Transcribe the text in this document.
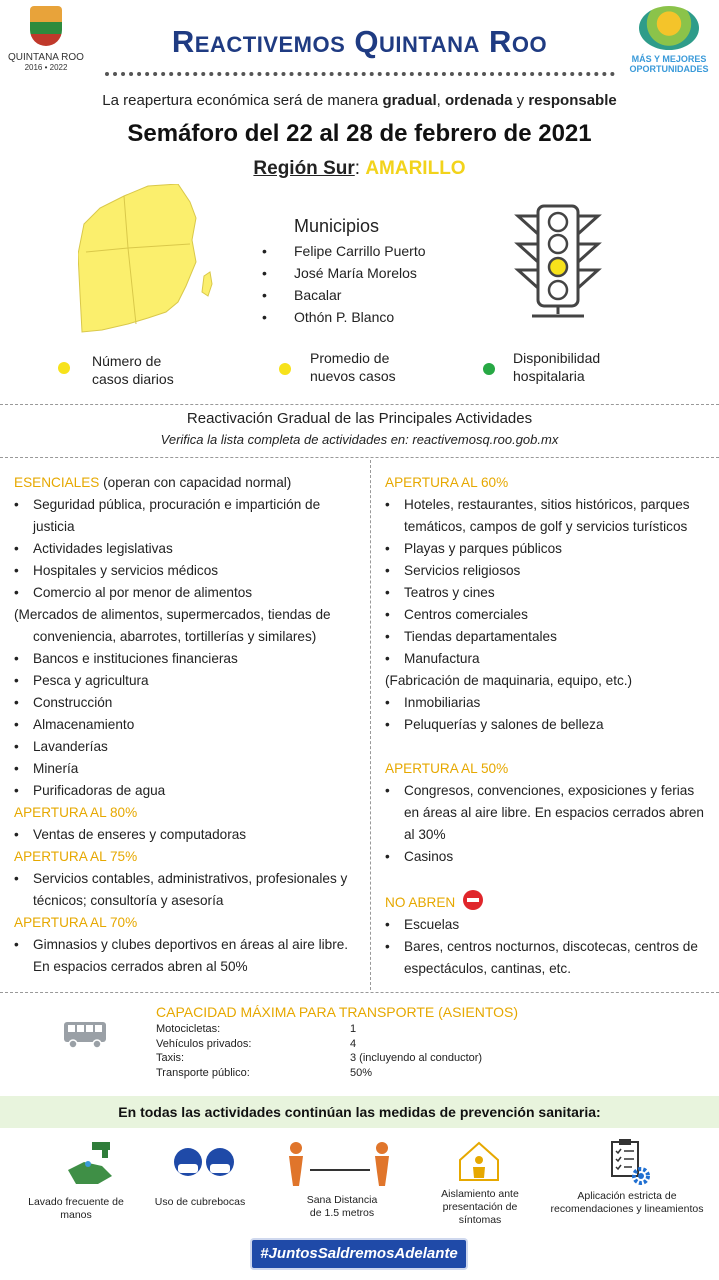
QUINTANA ROO
2016 • 2022
Reactivemos Quintana Roo	MÁS Y MEJORES OPORTUNIDADES
La reapertura económica será de manera gradual, ordenada y responsable
Semáforo del 22 al 28 de febrero de 2021
Región Sur: AMARILLO
Municipios
• Felipe Carrillo Puerto
• José María Morelos
• Bacalar
• Othón P. Blanco
Número de
casos diarios
Promedio de
nuevos casos
Disponibilidad
hospitalaria
Reactivación Gradual de las Principales Actividades
Verifica la lista completa de actividades en: reactivemosq.roo.gob.mx
ESENCIALES (operan con capacidad normal)
• Seguridad pública, procuración e impartición de justicia
• Actividades legislativas
• Hospitales y servicios médicos
• Comercio al por menor de alimentos
(Mercados de alimentos, supermercados, tiendas de conveniencia, abarrotes, tortillerías y similares)
• Bancos e instituciones financieras
• Pesca y agricultura
• Construcción
• Almacenamiento
• Lavanderías
• Minería
• Purificadoras de agua
APERTURA AL 80%
• Ventas de enseres y computadoras
APERTURA AL 75%
• Servicios contables, administrativos, profesionales y técnicos; consultoría y asesoría
APERTURA AL 70%
• Gimnasios y clubes deportivos en áreas al aire libre. En espacios cerrados abren al 50%
APERTURA AL 60%
• Hoteles, restaurantes, sitios históricos, parques temáticos, campos de golf y servicios turísticos
• Playas y parques públicos
• Servicios religiosos
• Teatros y cines
• Centros comerciales
• Tiendas departamentales
• Manufactura
(Fabricación de maquinaria, equipo, etc.)
• Inmobiliarias
• Peluquerías y salones de belleza
APERTURA AL 50%
• Congresos, convenciones, exposiciones y ferias en áreas al aire libre. En espacios cerrados abren al 30%
• Casinos
NO ABREN
• Escuelas
• Bares, centros nocturnos, discotecas, centros de espectáculos, cantinas, etc.
CAPACIDAD MÁXIMA PARA TRANSPORTE (ASIENTOS)
Motocicletas:	1
Vehículos privados:	4
Taxis:	3 (incluyendo al conductor)
Transporte público:	50%
En todas las actividades continúan las medidas de prevención sanitaria:
Lavado frecuente de
manos
Uso de cubrebocas	Sana Distancia
de 1.5 metros
Aislamiento ante
presentación de
síntomas
Aplicación estricta de
recomendaciones y lineamientos
#JuntosSaldremosAdelante
